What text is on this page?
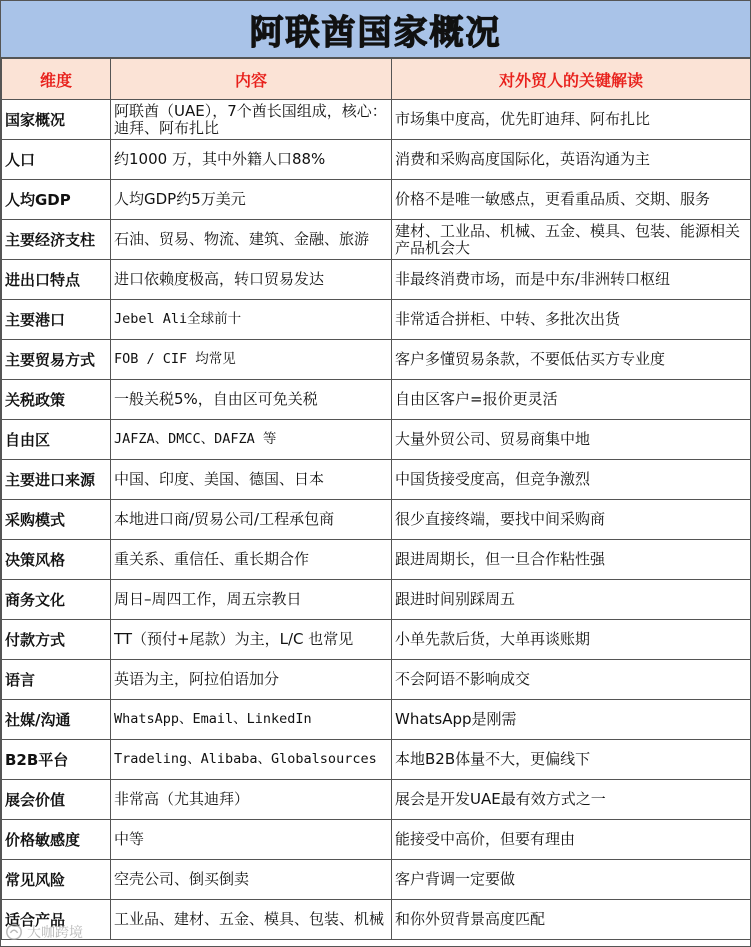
阿联酋国家概况
维度	内容	对外贸人的关键解读
国家概况	阿联酋（UAE），7个酋长国组成，核心：迪拜、阿布扎比	市场集中度高，优先盯迪拜、阿布扎比
人口	约1000 万，其中外籍人口88%	消费和采购高度国际化，英语沟通为主
人均GDP	人均GDP约5万美元	价格不是唯一敏感点，更看重品质、交期、服务
主要经济支柱	石油、贸易、物流、建筑、金融、旅游	建材、工业品、机械、五金、模具、包装、能源相关产品机会大
进出口特点	进口依赖度极高，转口贸易发达	非最终消费市场，而是中东/非洲转口枢纽
主要港口	Jebel Ali全球前十	非常适合拼柜、中转、多批次出货
主要贸易方式	FOB / CIF 均常见	客户多懂贸易条款，不要低估买方专业度
关税政策	一般关税5%，自由区可免关税	自由区客户=报价更灵活
自由区	JAFZA、DMCC、DAFZA 等	大量外贸公司、贸易商集中地
主要进口来源	中国、印度、美国、德国、日本	中国货接受度高，但竞争激烈
采购模式	本地进口商/贸易公司/工程承包商	很少直接终端，要找中间采购商
决策风格	重关系、重信任、重长期合作	跟进周期长，但一旦合作粘性强
商务文化	周日–周四工作，周五宗教日	跟进时间别踩周五
付款方式	TT（预付+尾款）为主，L/C 也常见	小单先款后货，大单再谈账期
语言	英语为主，阿拉伯语加分	不会阿语不影响成交
社媒/沟通	WhatsApp、Email、LinkedIn	WhatsApp是刚需
B2B平台	Tradeling、Alibaba、Globalsources	本地B2B体量不大，更偏线下
展会价值	非常高（尤其迪拜）	展会是开发UAE最有效方式之一
价格敏感度	中等	能接受中高价，但要有理由
常见风险	空壳公司、倒买倒卖	客户背调一定要做
适合产品	工业品、建材、五金、模具、包装、机械	和你外贸背景高度匹配
大咖跨境
